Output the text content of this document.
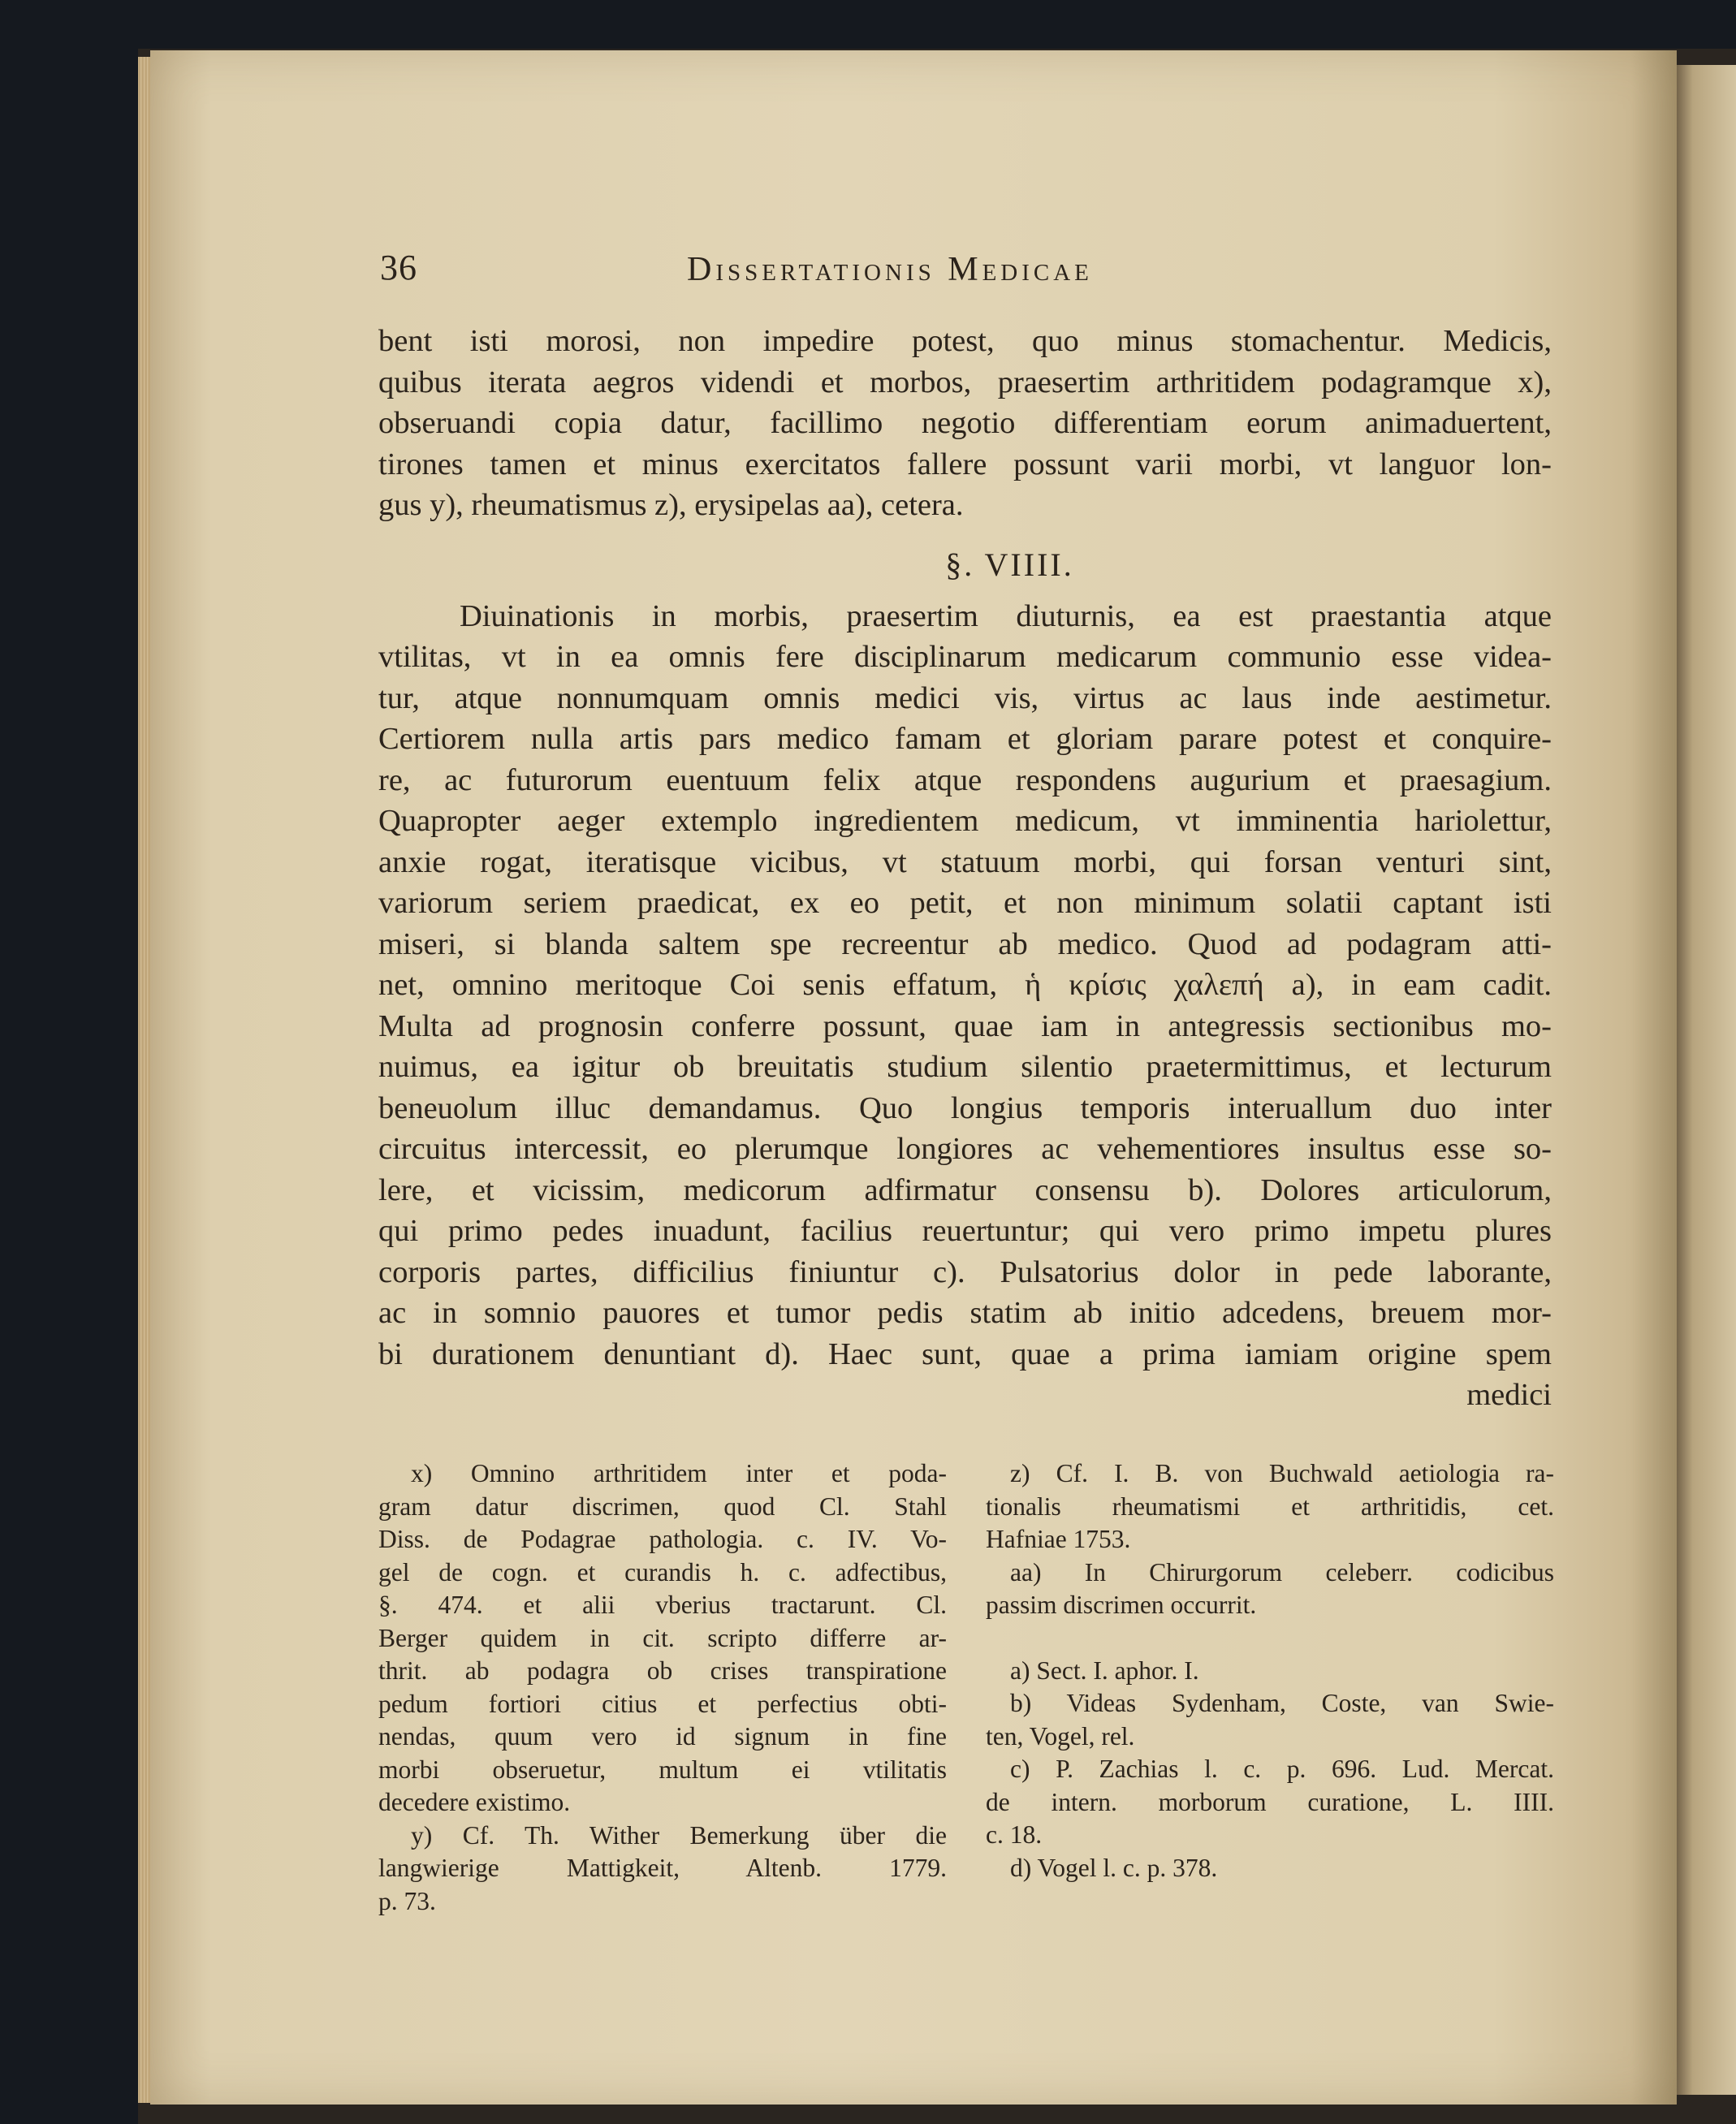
36	Dissertationis Medicae
bent isti morosi, non impedire potest, quo minus stomachentur. Medicis,
quibus iterata aegros videndi et morbos, praesertim arthritidem podagramque x),
obseruandi copia datur, facillimo negotio differentiam eorum animaduertent,
tirones tamen et minus exercitatos fallere possunt varii morbi, vt languor lon-
gus y), rheumatismus z), erysipelas aa), cetera.
§. VIIII.
Diuinationis in morbis, praesertim diuturnis, ea est praestantia atque
vtilitas, vt in ea omnis fere disciplinarum medicarum communio esse videa-
tur, atque nonnumquam omnis medici vis, virtus ac laus inde aestimetur.
Certiorem nulla artis pars medico famam et gloriam parare potest et conquire-
re, ac futurorum euentuum felix atque respondens augurium et praesagium.
Quapropter aeger extemplo ingredientem medicum, vt imminentia hariolettur,
anxie rogat, iteratisque vicibus, vt statuum morbi, qui forsan venturi sint,
variorum seriem praedicat, ex eo petit, et non minimum solatii captant isti
miseri, si blanda saltem spe recreentur ab medico. Quod ad podagram atti-
net, omnino meritoque Coi senis effatum, ἡ κρίσις χαλεπή a), in eam cadit.
Multa ad prognosin conferre possunt, quae iam in antegressis sectionibus mo-
nuimus, ea igitur ob breuitatis studium silentio praetermittimus, et lecturum
beneuolum illuc demandamus. Quo longius temporis interuallum duo inter
circuitus intercessit, eo plerumque longiores ac vehementiores insultus esse so-
lere, et vicissim, medicorum adfirmatur consensu b). Dolores articulorum,
qui primo pedes inuadunt, facilius reuertuntur; qui vero primo impetu plures
corporis partes, difficilius finiuntur c). Pulsatorius dolor in pede laborante,
ac in somnio pauores et tumor pedis statim ab initio adcedens, breuem mor-
bi durationem denuntiant d). Haec sunt, quae a prima iamiam origine spem
medici
x) Omnino arthritidem inter et poda-
gram datur discrimen, quod Cl. Stahl
Diss. de Podagrae pathologia. c. IV. Vo-
gel de cogn. et curandis h. c. adfectibus,
§. 474. et alii vberius tractarunt. Cl.
Berger quidem in cit. scripto differre ar-
thrit. ab podagra ob crises transpiratione
pedum fortiori citius et perfectius obti-
nendas, quum vero id signum in fine
morbi obseruetur, multum ei vtilitatis
decedere existimo.
y) Cf. Th. Wither Bemerkung über die
langwierige Mattigkeit, Altenb. 1779.
p. 73.
z) Cf. I. B. von Buchwald aetiologia ra-
tionalis rheumatismi et arthritidis, cet.
Hafniae 1753.
aa) In Chirurgorum celeberr. codicibus
passim discrimen occurrit.
a) Sect. I. aphor. I.
b) Videas Sydenham, Coste, van Swie-
ten, Vogel, rel.
c) P. Zachias l. c. p. 696. Lud. Mercat.
de intern. morborum curatione, L. IIII.
c. 18.
d) Vogel l. c. p. 378.
